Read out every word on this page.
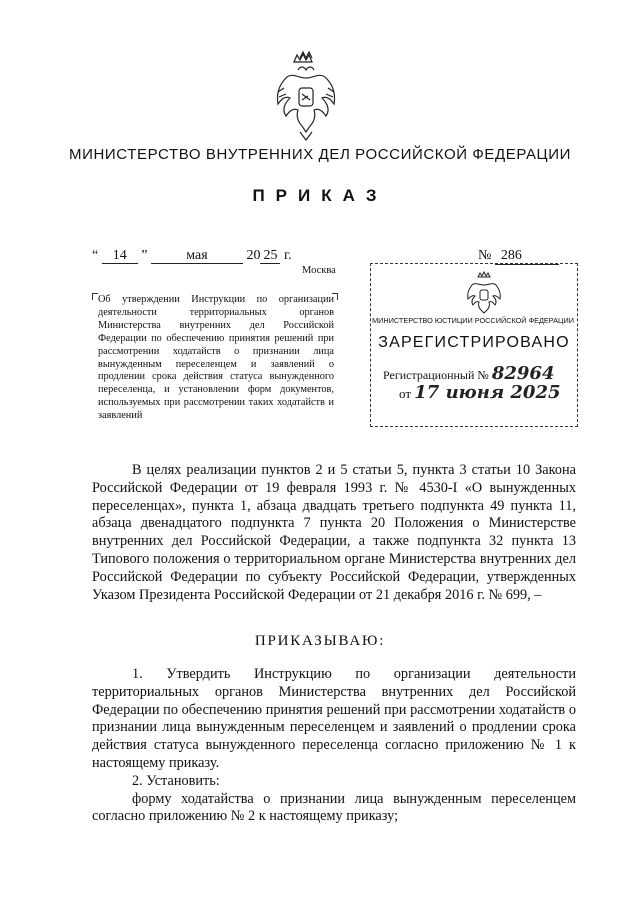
МИНИСТЕРСТВО ВНУТРЕННИХ ДЕЛ РОССИЙСКОЙ ФЕДЕРАЦИИ
ПРИКАЗ
“ 14 ”	мая	20 25 г.	№ 286
Москва

Об утверждении Инструкции по организации деятельности территориальных органов Министерства внутренних дел Российской Федерации по обеспечению принятия решений при рассмотрении ходатайств о признании лица вынужденным переселенцем и заявлений о продлении срока действия статуса вынужденного переселенца, и установлении форм документов, используемых при рассмотрении таких ходатайств и заявлений

МИНИСТЕРСТВО ЮСТИЦИИ РОССИЙСКОЙ ФЕДЕРАЦИИ
ЗАРЕГИСТРИРОВАНО
Регистрационный № 82964
от 17 июня 2025

В целях реализации пунктов 2 и 5 статьи 5, пункта 3 статьи 10 Закона Российской Федерации от 19 февраля 1993 г. № 4530-I «О вынужденных переселенцах», пункта 1, абзаца двадцать третьего подпункта 49 пункта 11, абзаца двенадцатого подпункта 7 пункта 20 Положения о Министерстве внутренних дел Российской Федерации, а также подпункта 32 пункта 13 Типового положения о территориальном органе Министерства внутренних дел Российской Федерации по субъекту Российской Федерации, утвержденных Указом Президента Российской Федерации от 21 декабря 2016 г. № 699, –

ПРИКАЗЫВАЮ:

1. Утвердить Инструкцию по организации деятельности территориальных органов Министерства внутренних дел Российской Федерации по обеспечению принятия решений при рассмотрении ходатайств о признании лица вынужденным переселенцем и заявлений о продлении срока действия статуса вынужденного переселенца согласно приложению № 1 к настоящему приказу.

2. Установить:

форму ходатайства о признании лица вынужденным переселенцем согласно приложению № 2 к настоящему приказу;
